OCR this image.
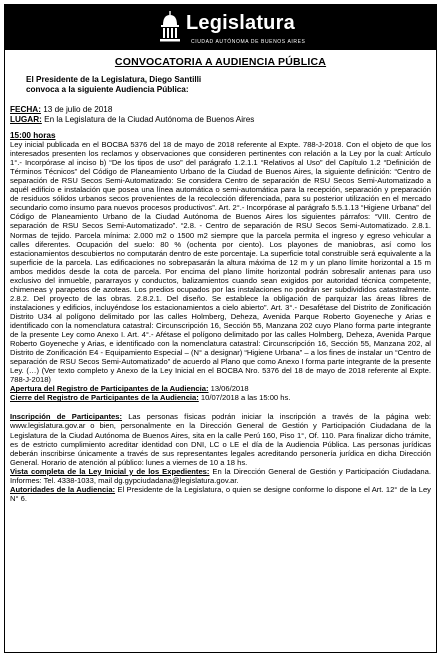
Legislatura
CIUDAD AUTÓNOMA DE BUENOS AIRES
CONVOCATORIA A AUDIENCIA PÚBLICA
El Presidente de la Legislatura, Diego Santilli
convoca a la siguiente Audiencia Pública:
FECHA: 13 de julio de 2018
LUGAR: En la Legislatura de la Ciudad Autónoma de Buenos Aires

15:00 horas

Ley inicial publicada en el BOCBA 5376 del 18 de mayo de 2018 referente al Expte. 788-J-2018. Con el objeto de que los interesados presenten los reclamos y observaciones que consideren pertinentes con relación a la Ley por la cual: Artículo 1°.- Incorpórase al inciso b) “De los tipos de uso” del parágrafo 1.2.1.1 “Relativos al Uso” del Capítulo 1.2 “Definición de Términos Técnicos” del Código de Planeamiento Urbano de la Ciudad de Buenos Aires, la siguiente definición: “Centro de separación de RSU Secos Semi-Automatizado: Se considera Centro de separación de RSU Secos Semi-Automatizado a aquél edificio e instalación que posea una línea automática o semi-automática para la recepción, separación y preparación de residuos sólidos urbanos secos provenientes de la recolección diferenciada, para su posterior utilización en el mercado secundario como insumo para nuevos procesos productivos”. Art. 2°.- Incorpórase al parágrafo 5.5.1.13 “Higiene Urbana” del Código de Planeamiento Urbano de la Ciudad Autónoma de Buenos Aires los siguientes párrafos: “VIII. Centro de separación de RSU Secos Semi-Automatizado”. “2.8. - Centro de separación de RSU Secos Semi-Automatizado. 2.8.1. Normas de tejido. Parcela mínima: 2.000 m2 o 1500 m2 siempre que la parcela permita el ingreso y egreso vehicular a calles diferentes. Ocupación del suelo: 80 % (ochenta por ciento). Los playones de maniobras, así como los estacionamientos descubiertos no computarán dentro de este porcentaje. La superficie total construible será equivalente a la superficie de la parcela. Las edificaciones no sobrepasarán la altura máxima de 12 m y un plano límite horizontal a 15 m ambos medidos desde la cota de parcela. Por encima del plano límite horizontal podrán sobresalir antenas para uso exclusivo del inmueble, pararrayos y conductos, balizamientos cuando sean exigidos por autoridad técnica competente, chimeneas y parapetos de azoteas. Los predios ocupados por las instalaciones no podrán ser subdivididos catastralmente. 2.8.2. Del proyecto de las obras. 2.8.2.1. Del diseño. Se establece la obligación de parquizar las áreas libres de instalaciones y edificios, incluyéndose los estacionamientos a cielo abierto”. Art. 3°.- Desafétase del Distrito de Zonificación Distrito U34 al polígono delimitado por las calles Holmberg, Deheza, Avenida Parque Roberto Goyeneche y Arias e identificado con la nomenclatura catastral: Circunscripción 16, Sección 55, Manzana 202 cuyo Plano forma parte integrante de la presente Ley como Anexo I. Art. 4°.- Afétase el polígono delimitado por las calles Holmberg, Deheza, Avenida Parque Roberto Goyeneche y Arias, e identificado con la nomenclatura catastral: Circunscripción 16, Sección 55, Manzana 202, al Distrito de Zonificación E4 - Equipamiento Especial – (N° a designar) “Higiene Urbana” – a los fines de instalar un “Centro de separación de RSU Secos Semi-Automatizado” de acuerdo al Plano que como Anexo I forma parte integrante de la presente Ley. (…) (Ver texto completo y Anexo de la Ley Inicial en el BOCBA Nro. 5376 del 18 de mayo de 2018 referente al Expte. 788-J-2018)

Apertura del Registro de Participantes de la Audiencia: 13/06/2018

Cierre del Registro de Participantes de la Audiencia: 10/07/2018 a las 15:00 hs.

Inscripción de Participantes: Las personas físicas podrán iniciar la inscripción a través de la página web: www.legislatura.gov.ar o bien, personalmente en la Dirección General de Gestión y Participación Ciudadana de la Legislatura de la Ciudad Autónoma de Buenos Aires, sita en la calle Perú 160, Piso 1°, Of. 110. Para finalizar dicho trámite, es de estricto cumplimiento acreditar identidad con DNI, LC o LE el día de la Audiencia Pública. Las personas jurídicas deberán inscribirse únicamente a través de sus representantes legales acreditando personería jurídica en dicha Dirección General. Horario de atención al público: lunes a viernes de 10 a 18 hs.

Vista completa de la Ley Inicial y de los Expedientes: En la Dirección General de Gestión y Participación Ciudadana. Informes: Tel. 4338-1033, mail dg.gypciudadana@legislatura.gov.ar.

Autoridades de la Audiencia: El Presidente de la Legislatura, o quien se designe conforme lo dispone el Art. 12° de la Ley N° 6.
